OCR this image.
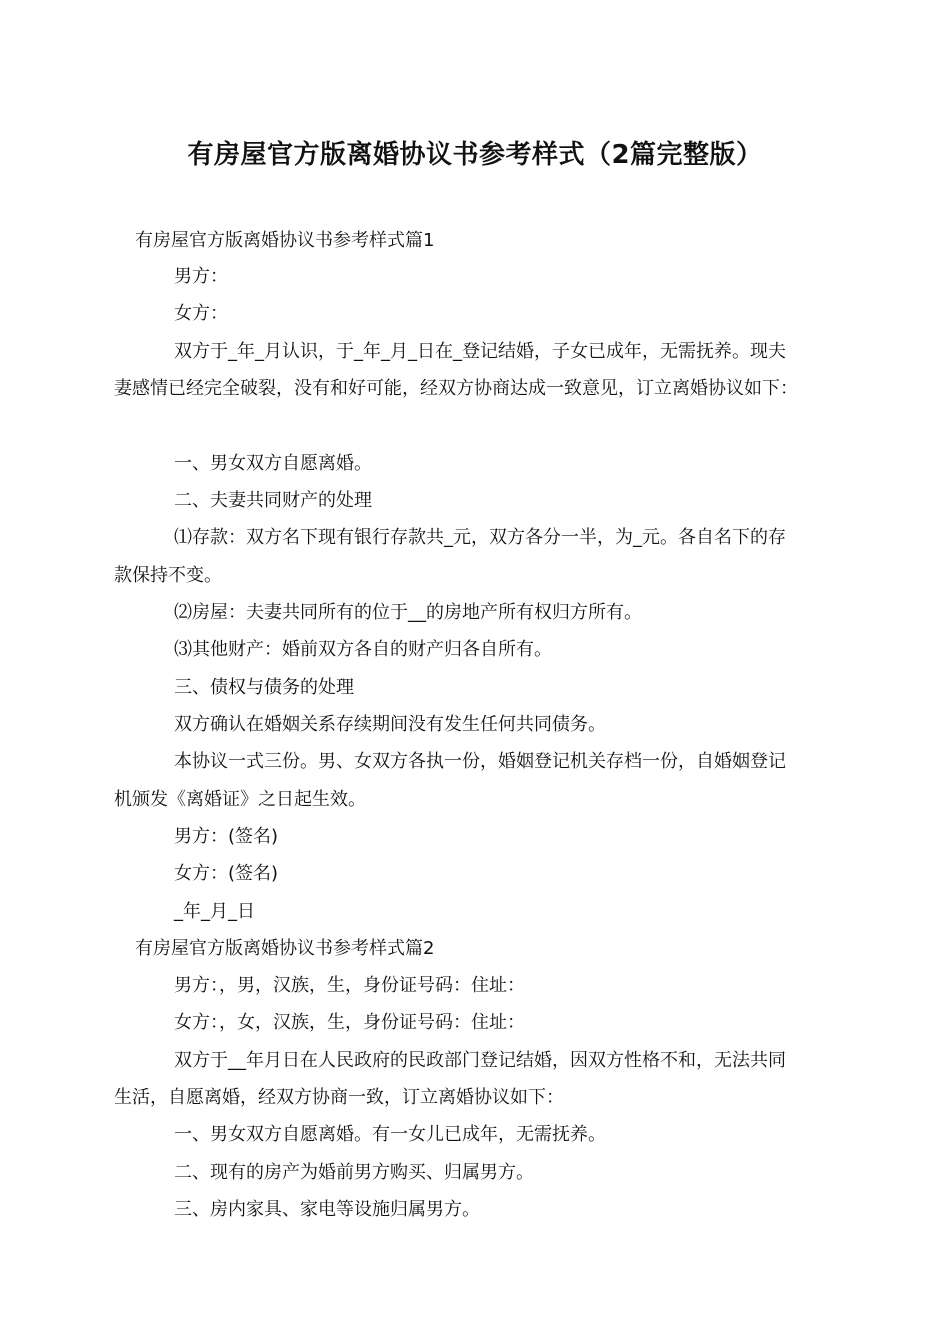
有房屋官方版离婚协议书参考样式（2篇完整版）
有房屋官方版离婚协议书参考样式篇1
男方：
女方：
双方于_年_月认识，于_年_月_日在_登记结婚，子女已成年，无需抚养。现夫
妻感情已经完全破裂，没有和好可能，经双方协商达成一致意见，订立离婚协议如下：
一、男女双方自愿离婚。
二、夫妻共同财产的处理
⑴存款：双方名下现有银行存款共_元，双方各分一半，为_元。各自名下的存
款保持不变。
⑵房屋：夫妻共同所有的位于__的房地产所有权归方所有。
⑶其他财产：婚前双方各自的财产归各自所有。
三、债权与债务的处理
双方确认在婚姻关系存续期间没有发生任何共同债务。
本协议一式三份。男、女双方各执一份，婚姻登记机关存档一份，自婚姻登记
机颁发《离婚证》之日起生效。
男方：(签名)
女方：(签名)
_年_月_日
有房屋官方版离婚协议书参考样式篇2
男方：，男，汉族，生，身份证号码：住址：
女方：，女，汉族，生，身份证号码：住址：
双方于__年月日在人民政府的民政部门登记结婚，因双方性格不和，无法共同
生活，自愿离婚，经双方协商一致，订立离婚协议如下：
一、男女双方自愿离婚。有一女儿已成年，无需抚养。
二、现有的房产为婚前男方购买、归属男方。
三、房内家具、家电等设施归属男方。
